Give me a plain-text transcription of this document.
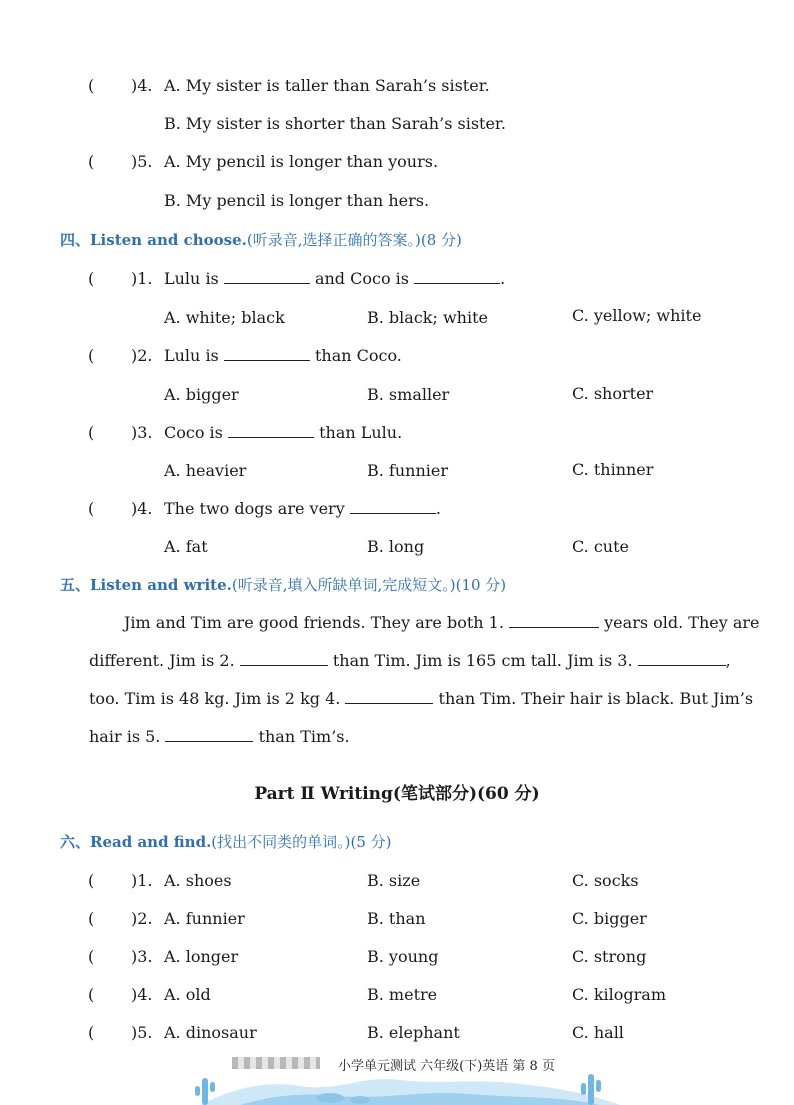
( )4. A. My sister is taller than Sarah’s sister.
B. My sister is shorter than Sarah’s sister.
( )5. A. My pencil is longer than yours.
B. My pencil is longer than hers.
四、Listen and choose.(听录音,选择正确的答案。)(8 分)
( )1. Lulu is	and Coco is	.
A. white; black	B. black; white	C. yellow; white
( )2. Lulu is	than Coco.
A. bigger	B. smaller	C. shorter
( )3. Coco is	than Lulu.
A. heavier	B. funnier	C. thinner
( )4. The two dogs are very	.
A. fat	B. long	C. cute
五、Listen and write.(听录音,填入所缺单词,完成短文。)(10 分)
Jim and Tim are good friends. They are both 1.	years old. They are
different. Jim is 2.	than Tim. Jim is 165 cm tall. Jim is 3.	,
too. Tim is 48 kg. Jim is 2 kg 4.	than Tim. Their hair is black. But Jim’s
hair is 5.	than Tim’s.
Part Ⅱ Writing(笔试部分)(60 分)
六、Read and find.(找出不同类的单词。)(5 分)
( )1. A. shoes	B. size	C. socks
( )2. A. funnier	B. than	C. bigger
( )3. A. longer	B. young	C. strong
( )4. A. old	B. metre	C. kilogram
( )5. A. dinosaur	B. elephant	C. hall
小学单元测试 六年级(下)英语 第 8 页
